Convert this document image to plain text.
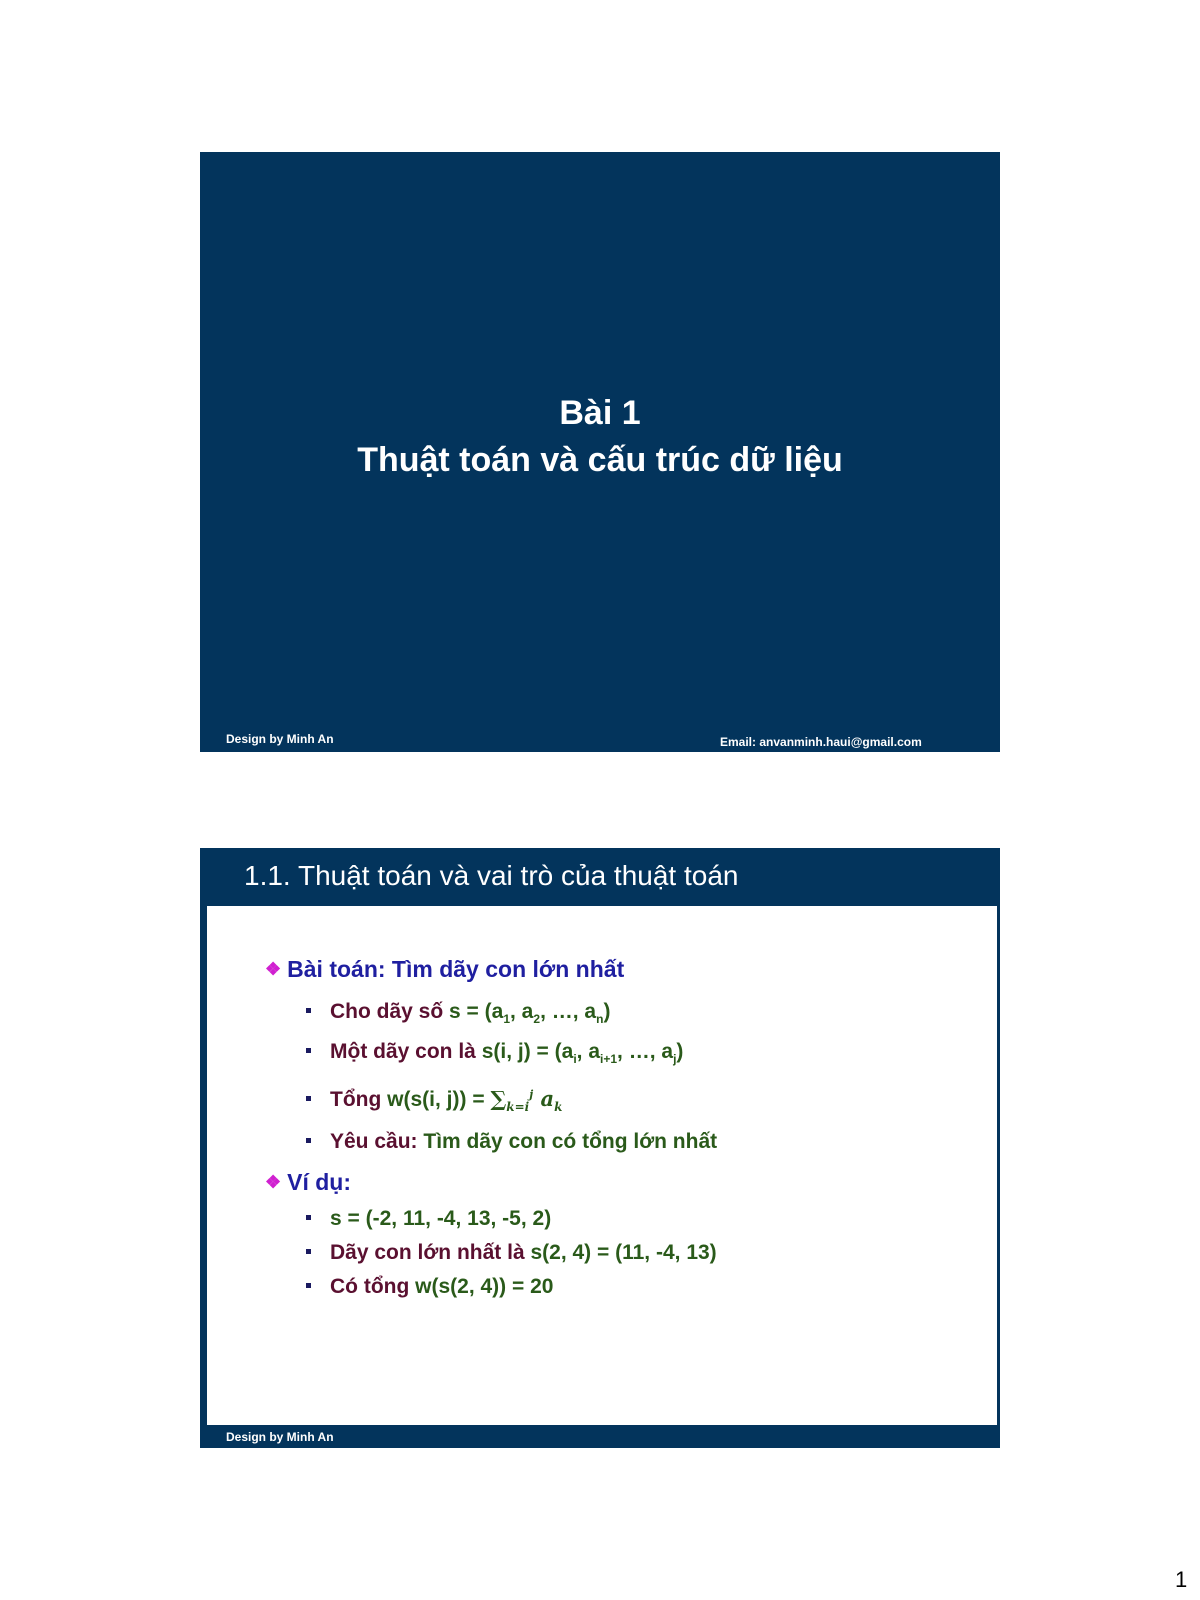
Bài 1
Thuật toán và cấu trúc dữ liệu
Design by Minh An	Email: anvanminh.haui@gmail.com
1.1. Thuật toán và vai trò của thuật toán
❖ Bài toán: Tìm dãy con lớn nhất
Cho dãy số $s = (a_1$, $a_2$, …, $a_n$)
Một dãy con là s(i, $j) = (a_i$, $a_{i+1}$, …, $a_j$)
Tổng w(s(i, $j)) = \sum_{k=i}^j$ $a_k$
Yêu cầu: Tìm dãy con có tổng lớn nhất
❖ Ví dụ:
s = (-2, 11, -4, 13, -5, 2)
Dãy con lớn nhất là s(2, 4) = (11, -4, 13)
Có tổng w(s(2, 4)) = 20
Design by Minh An
1
